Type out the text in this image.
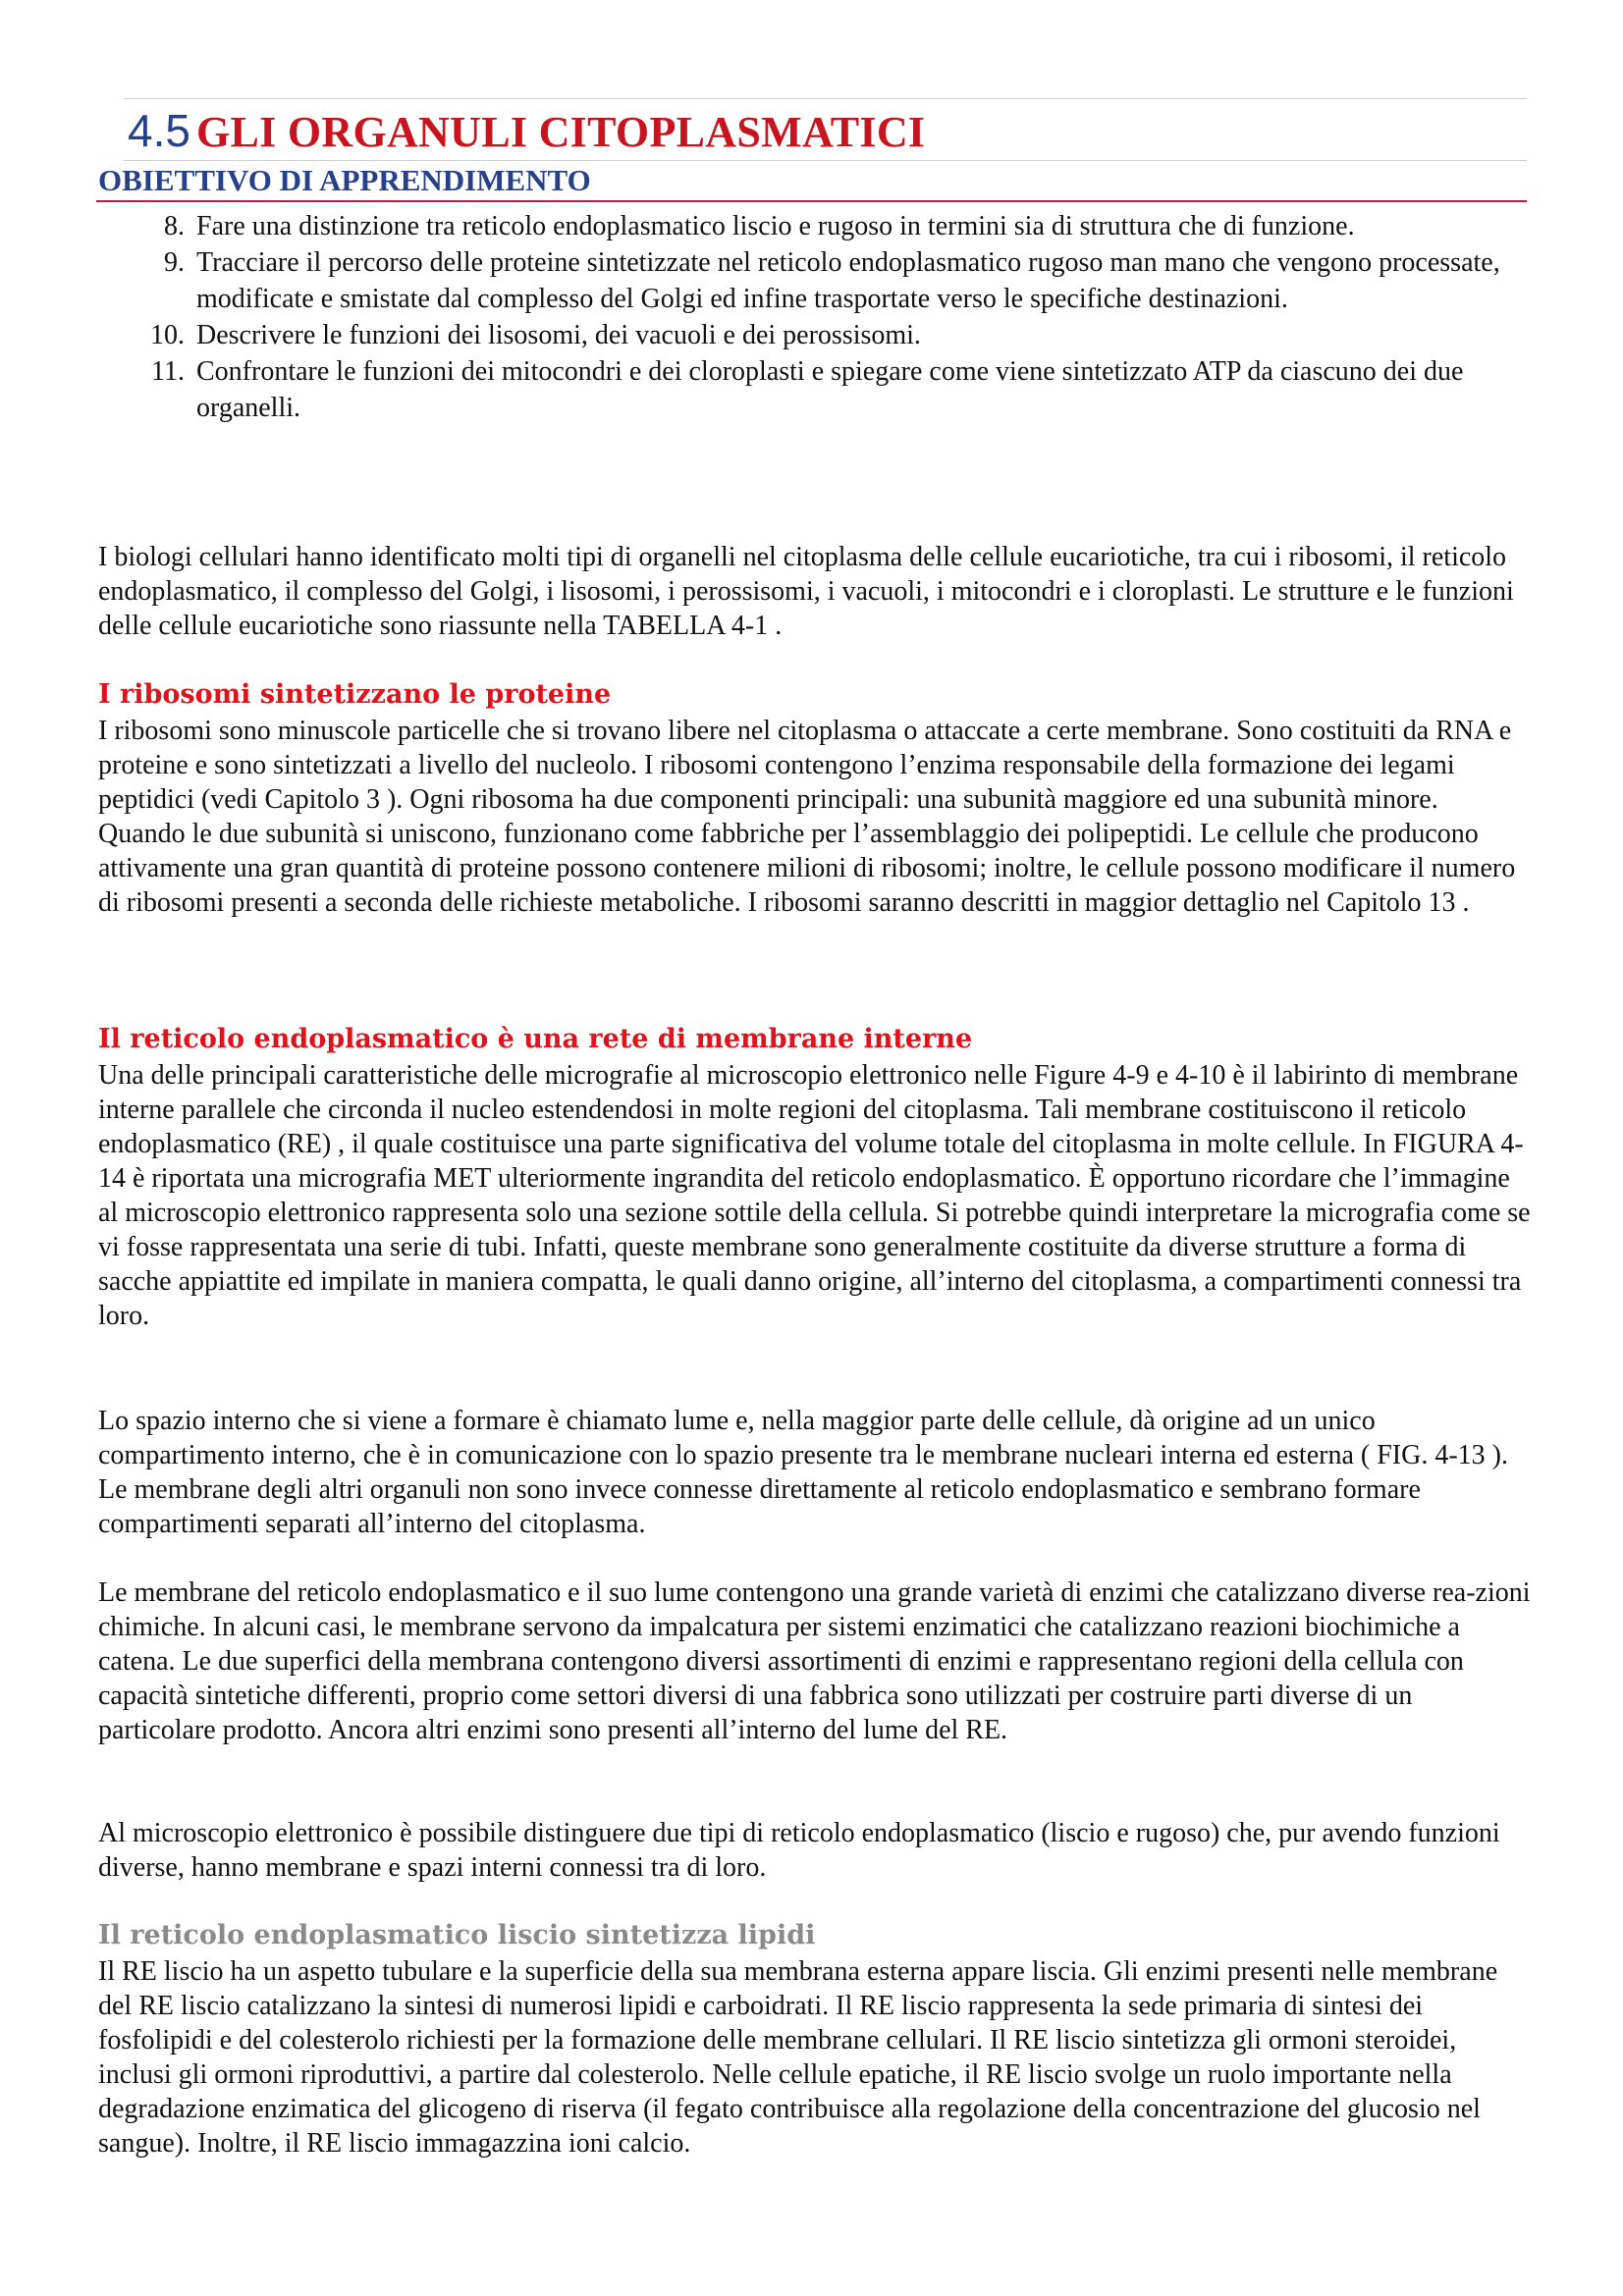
4.5 GLI ORGANULI CITOPLASMATICI
OBIETTIVO DI APPRENDIMENTO
8. Fare una distinzione tra reticolo endoplasmatico liscio e rugoso in termini sia di struttura che di funzione.
9. Tracciare il percorso delle proteine sintetizzate nel reticolo endoplasmatico rugoso man mano che vengono processate, modificate e smistate dal complesso del Golgi ed infine trasportate verso le specifiche destinazioni.
10. Descrivere le funzioni dei lisosomi, dei vacuoli e dei perossisomi.
11. Confrontare le funzioni dei mitocondri e dei cloroplasti e spiegare come viene sintetizzato ATP da ciascuno dei due organelli.

I biologi cellulari hanno identificato molti tipi di organelli nel citoplasma delle cellule eucariotiche, tra cui i ribosomi, il reticolo endoplasmatico, il complesso del Golgi, i lisosomi, i perossisomi, i vacuoli, i mitocondri e i cloroplasti. Le strutture e le funzioni delle cellule eucariotiche sono riassunte nella TABELLA 4-1 .

I ribosomi sintetizzano le proteine

I ribosomi sono minuscole particelle che si trovano libere nel citoplasma o attaccate a certe membrane. Sono costituiti da RNA e proteine e sono sintetizzati a livello del nucleolo. I ribosomi contengono l’enzima responsabile della formazione dei legami peptidici (vedi Capitolo 3 ). Ogni ribosoma ha due componenti principali: una subunità maggiore ed una subunità minore. Quando le due subunità si uniscono, funzionano come fabbriche per l’assemblaggio dei polipeptidi. Le cellule che producono attivamente una gran quantità di proteine possono contenere milioni di ribosomi; inoltre, le cellule possono modificare il numero di ribosomi presenti a seconda delle richieste metaboliche. I ribosomi saranno descritti in maggior dettaglio nel Capitolo 13 .

Il reticolo endoplasmatico è una rete di membrane interne

Una delle principali caratteristiche delle micrografie al microscopio elettronico nelle Figure 4-9 e 4-10 è il labirinto di membrane interne parallele che circonda il nucleo estendendosi in molte regioni del citoplasma. Tali membrane costituiscono il reticolo endoplasmatico (RE) , il quale costituisce una parte significativa del volume totale del citoplasma in molte cellule. In FIGURA 4-14 è riportata una micrografia MET ulteriormente ingrandita del reticolo endoplasmatico. È opportuno ricordare che l’immagine al microscopio elettronico rappresenta solo una sezione sottile della cellula. Si potrebbe quindi interpretare la micrografia come se vi fosse rappresentata una serie di tubi. Infatti, queste membrane sono generalmente costituite da diverse strutture a forma di sacche appiattite ed impilate in maniera compatta, le quali danno origine, all’interno del citoplasma, a compartimenti connessi tra loro.

Lo spazio interno che si viene a formare è chiamato lume e, nella maggior parte delle cellule, dà origine ad un unico compartimento interno, che è in comunicazione con lo spazio presente tra le membrane nucleari interna ed esterna ( FIG. 4-13 ). Le membrane degli altri organuli non sono invece connesse direttamente al reticolo endoplasmatico e sembrano formare compartimenti separati all’interno del citoplasma.

Le membrane del reticolo endoplasmatico e il suo lume contengono una grande varietà di enzimi che catalizzano diverse rea-zioni chimiche. In alcuni casi, le membrane servono da impalcatura per sistemi enzimatici che catalizzano reazioni biochimiche a catena. Le due superfici della membrana contengono diversi assortimenti di enzimi e rappresentano regioni della cellula con capacità sintetiche differenti, proprio come settori diversi di una fabbrica sono utilizzati per costruire parti diverse di un particolare prodotto. Ancora altri enzimi sono presenti all’interno del lume del RE.

Al microscopio elettronico è possibile distinguere due tipi di reticolo endoplasmatico (liscio e rugoso) che, pur avendo funzioni diverse, hanno membrane e spazi interni connessi tra di loro.

Il reticolo endoplasmatico liscio sintetizza lipidi

Il RE liscio ha un aspetto tubulare e la superficie della sua membrana esterna appare liscia. Gli enzimi presenti nelle membrane del RE liscio catalizzano la sintesi di numerosi lipidi e carboidrati. Il RE liscio rappresenta la sede primaria di sintesi dei fosfolipidi e del colesterolo richiesti per la formazione delle membrane cellulari. Il RE liscio sintetizza gli ormoni steroidei, inclusi gli ormoni riproduttivi, a partire dal colesterolo. Nelle cellule epatiche, il RE liscio svolge un ruolo importante nella degradazione enzimatica del glicogeno di riserva (il fegato contribuisce alla regolazione della concentrazione del glucosio nel sangue). Inoltre, il RE liscio immagazzina ioni calcio.
